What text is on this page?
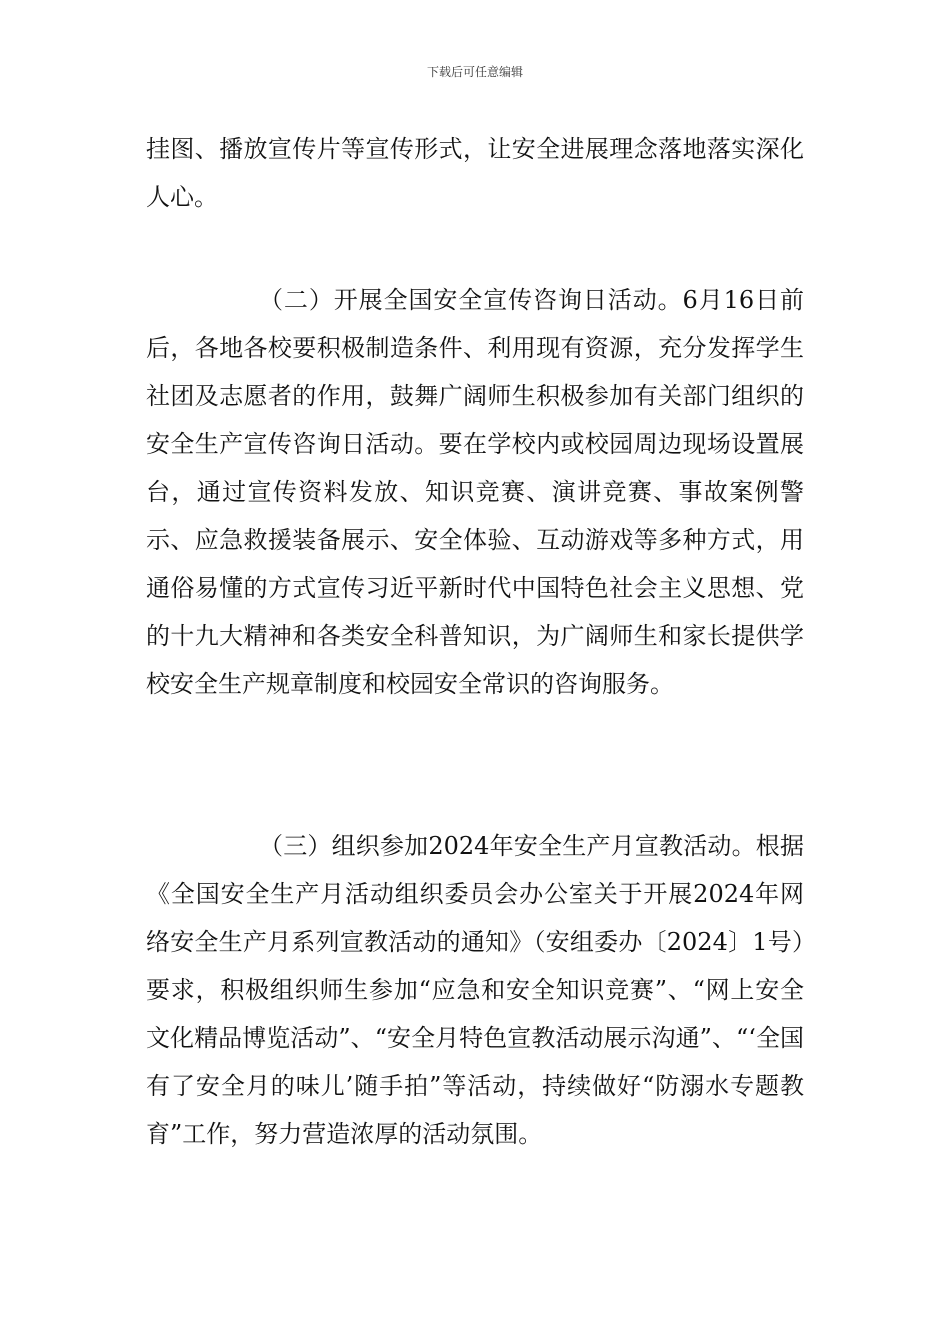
下载后可任意编辑

挂图、播放宣传片等宣传形式，让安全进展理念落地落实深化人心。

（二）开展全国安全宣传咨询日活动。6月16日前后，各地各校要积极制造条件、利用现有资源，充分发挥学生社团及志愿者的作用，鼓舞广阔师生积极参加有关部门组织的安全生产宣传咨询日活动。要在学校内或校园周边现场设置展台，通过宣传资料发放、知识竞赛、演讲竞赛、事故案例警示、应急救援装备展示、安全体验、互动游戏等多种方式，用通俗易懂的方式宣传习近平新时代中国特色社会主义思想、党的十九大精神和各类安全科普知识，为广阔师生和家长提供学校安全生产规章制度和校园安全常识的咨询服务。

（三）组织参加2024年安全生产月宣教活动。根据《全国安全生产月活动组织委员会办公室关于开展2024年网络安全生产月系列宣教活动的通知》（安组委办〔2024〕1号）要求，积极组织师生参加“应急和安全知识竞赛”、“网上安全文化精品博览活动”、“安全月特色宣教活动展示沟通”、“‘全国有了安全月的味儿’随手拍”等活动，持续做好“防溺水专题教育”工作，努力营造浓厚的活动氛围。
